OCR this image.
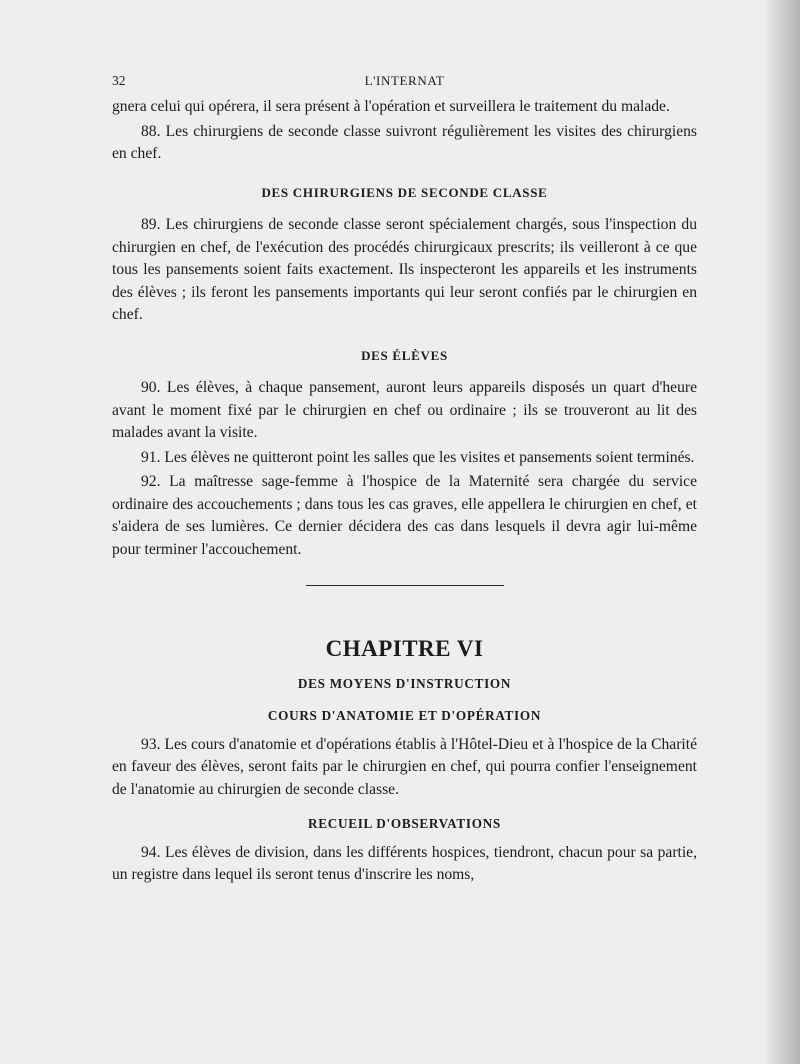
32	L'INTERNAT

gnera celui qui opérera, il sera présent à l'opération et surveillera le traitement du malade.

88. Les chirurgiens de seconde classe suivront régulièrement les visites des chirurgiens en chef.

DES CHIRURGIENS DE SECONDE CLASSE

89. Les chirurgiens de seconde classe seront spécialement chargés, sous l'inspection du chirurgien en chef, de l'exécution des procédés chirurgicaux prescrits; ils veilleront à ce que tous les pansements soient faits exactement. Ils inspecteront les appareils et les instruments des élèves ; ils feront les pansements importants qui leur seront confiés par le chirurgien en chef.

DES ÉLÈVES

90. Les élèves, à chaque pansement, auront leurs appareils disposés un quart d'heure avant le moment fixé par le chirurgien en chef ou ordinaire ; ils se trouveront au lit des malades avant la visite.

91. Les élèves ne quitteront point les salles que les visites et pansements soient terminés.

92. La maîtresse sage-femme à l'hospice de la Maternité sera chargée du service ordinaire des accouchements ; dans tous les cas graves, elle appellera le chirurgien en chef, et s'aidera de ses lumières. Ce dernier décidera des cas dans lesquels il devra agir lui-même pour terminer l'accouchement.

CHAPITRE VI
DES MOYENS D'INSTRUCTION
COURS D'ANATOMIE ET D'OPÉRATION

93. Les cours d'anatomie et d'opérations établis à l'Hôtel-Dieu et à l'hospice de la Charité en faveur des élèves, seront faits par le chirurgien en chef, qui pourra confier l'enseignement de l'anatomie au chirurgien de seconde classe.

RECUEIL D'OBSERVATIONS

94. Les élèves de division, dans les différents hospices, tiendront, chacun pour sa partie, un registre dans lequel ils seront tenus d'inscrire les noms,
